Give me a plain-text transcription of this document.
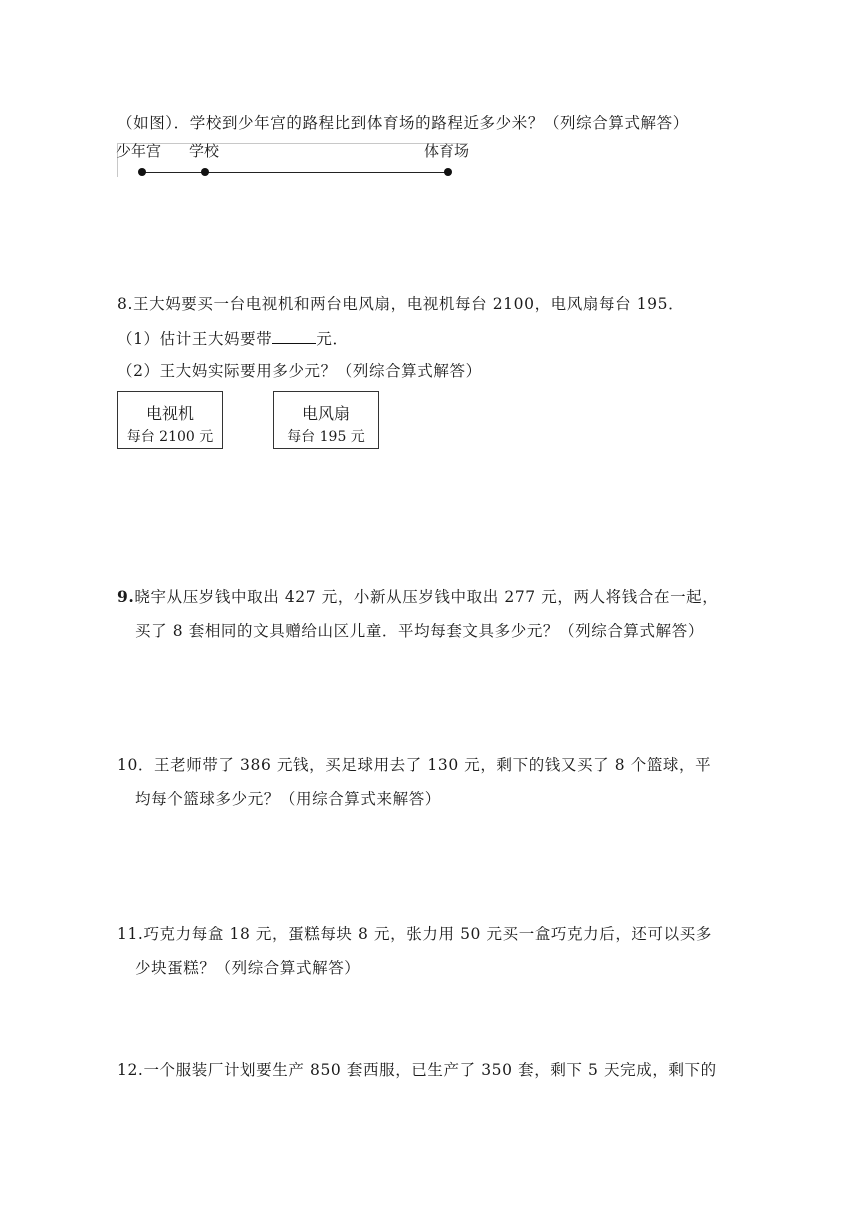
（如图）．学校到少年宫的路程比到体育场的路程近多少米？（列综合算式解答）
少年宫 学校	体育场
8.王大妈要买一台电视机和两台电风扇，电视机每台 2100，电风扇每台 195．
（1）估计王大妈要带	元．
（2）王大妈实际要用多少元？（列综合算式解答）
电视机
每台 2100 元
电风扇
每台 195 元
9.晓宇从压岁钱中取出 427 元，小新从压岁钱中取出 277 元，两人将钱合在一起，
买了 8 套相同的文具赠给山区儿童．平均每套文具多少元？（列综合算式解答）
10．王老师带了 386 元钱，买足球用去了 130 元，剩下的钱又买了 8 个篮球，平
均每个篮球多少元？（用综合算式来解答）
11.巧克力每盒 18 元，蛋糕每块 8 元，张力用 50 元买一盒巧克力后，还可以买多
少块蛋糕？（列综合算式解答）
12.一个服装厂计划要生产 850 套西服，已生产了 350 套，剩下 5 天完成，剩下的
